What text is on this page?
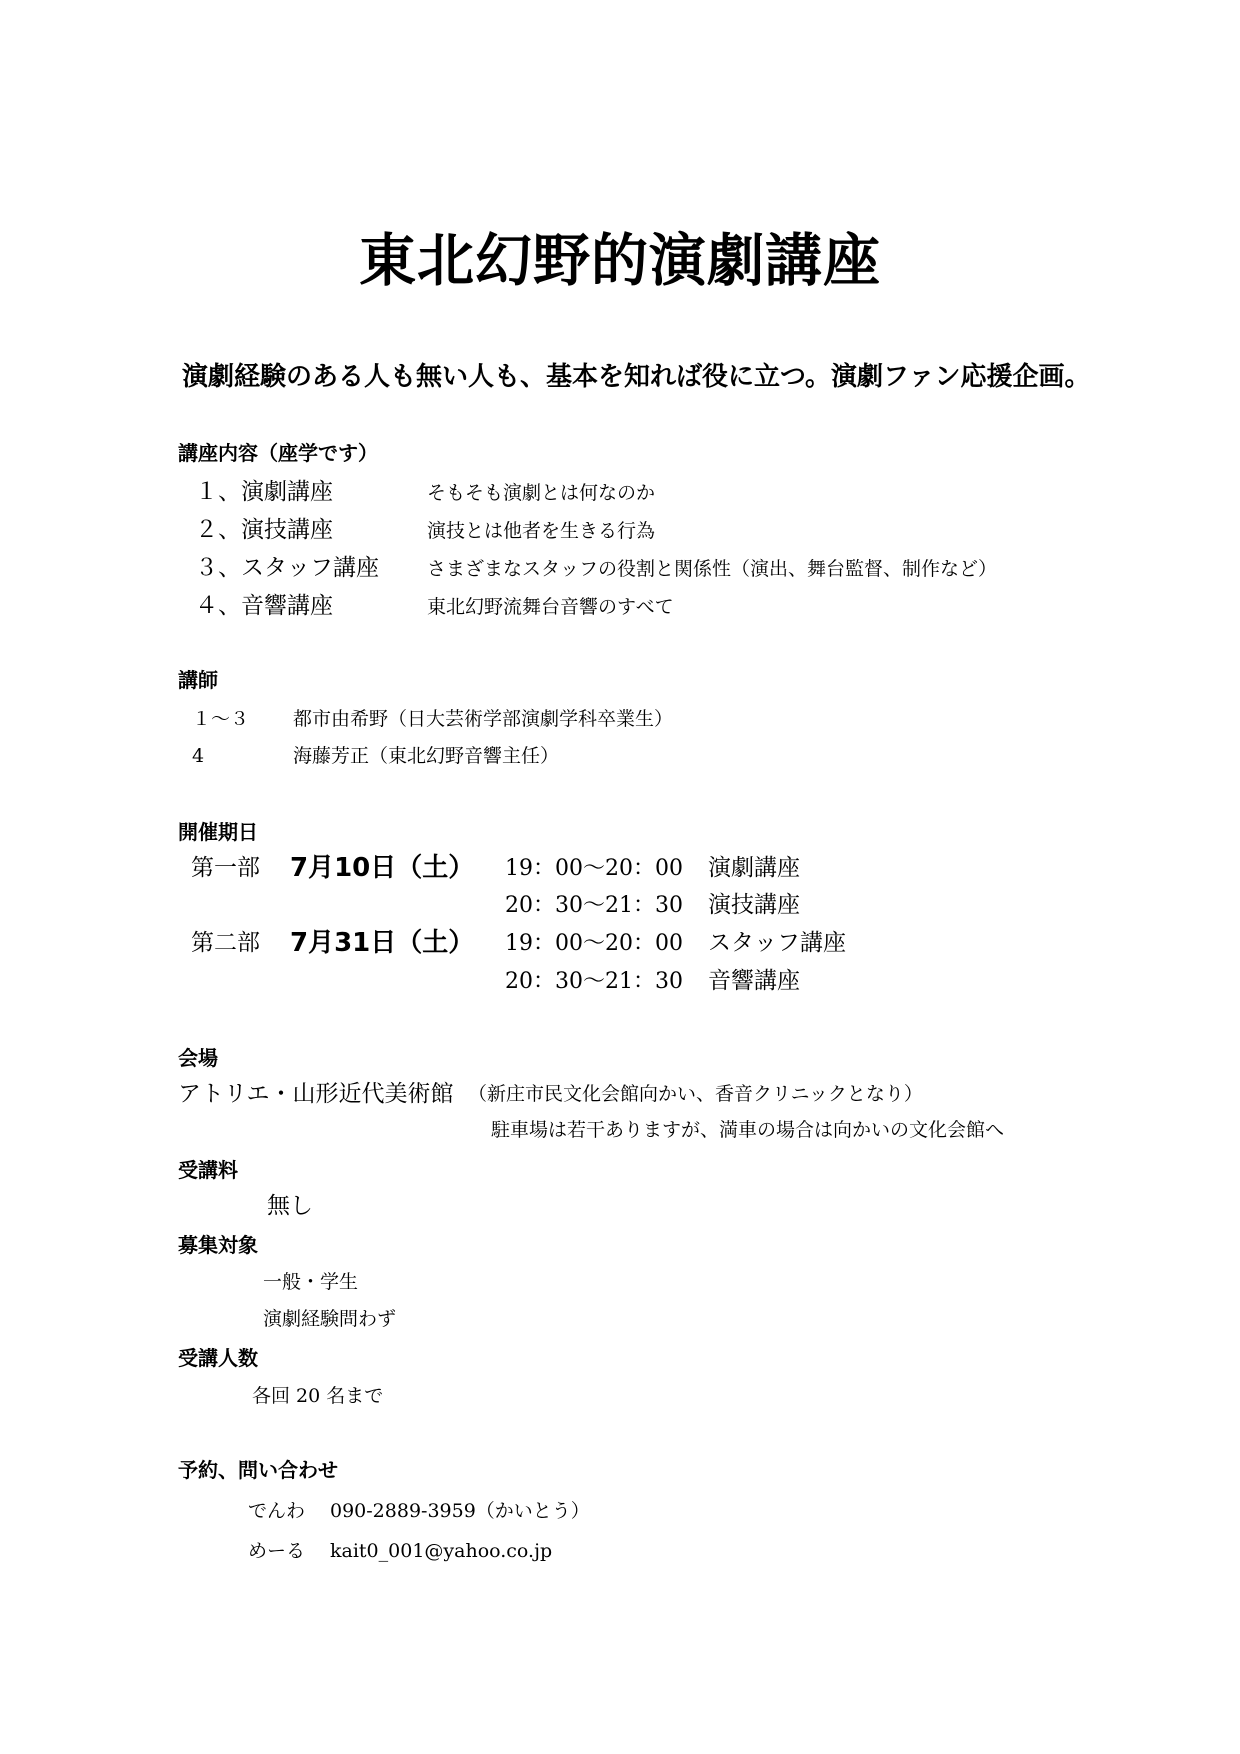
東北幻野的演劇講座
演劇経験のある人も無い人も、基本を知れば役に立つ。演劇ファン応援企画。
講座内容（座学です）
１、演劇講座	そもそも演劇とは何なのか
２、演技講座	演技とは他者を生きる行為
３、スタッフ講座	さまざまなスタッフの役割と関係性（演出、舞台監督、制作など）
４、音響講座	東北幻野流舞台音響のすべて
講師
１～３ 都市由希野（日大芸術学部演劇学科卒業生）
4	海藤芳正（東北幻野音響主任）
開催期日
第一部 7月10日（土） 19：00～20：00 演劇講座
20：30～21：30 演技講座
第二部 7月31日（土） 19：00～20：00 スタッフ講座
20：30～21：30 音響講座
会場
アトリエ・山形近代美術館 （新庄市民文化会館向かい、香音クリニックとなり）
駐車場は若干ありますが、満車の場合は向かいの文化会館へ
受講料
無し
募集対象
一般・学生
演劇経験問わず
受講人数
各回 20 名まで
予約、問い合わせ
でんわ 090-2889-3959（かいとう）
めーる kait0_001@yahoo.co.jp
